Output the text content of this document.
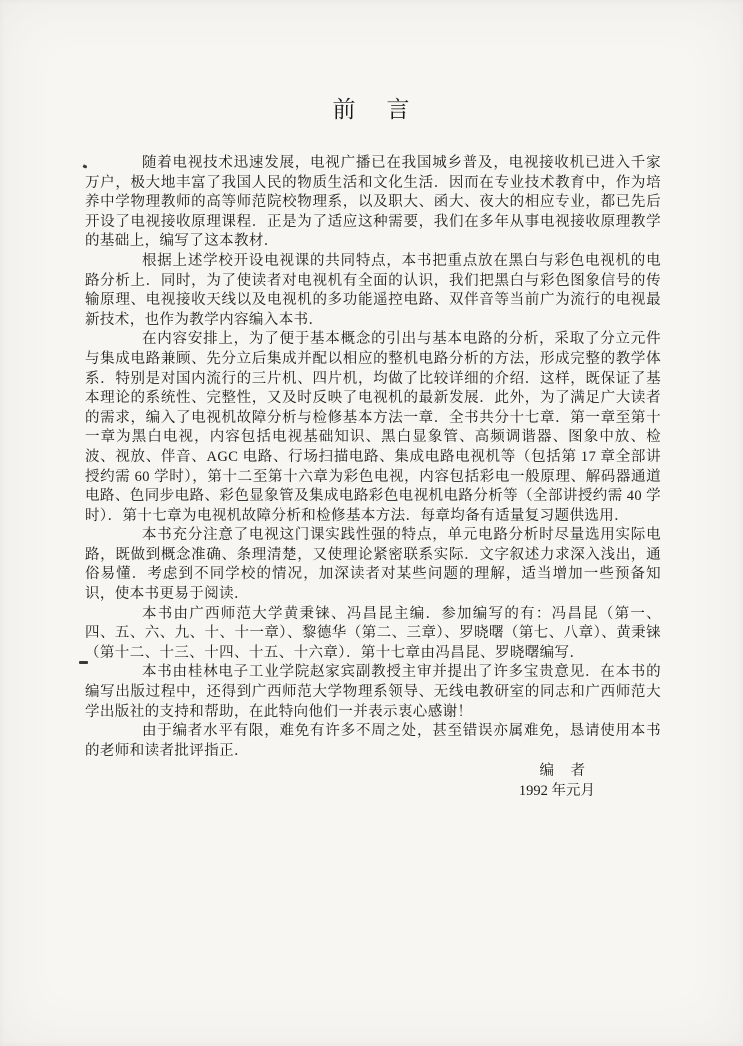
前　言

随着电视技术迅速发展，电视广播已在我国城乡普及，电视接收机已进入千家万户，极大地丰富了我国人民的物质生活和文化生活．因而在专业技术教育中，作为培养中学物理教师的高等师范院校物理系，以及职大、函大、夜大的相应专业，都已先后开设了电视接收原理课程．正是为了适应这种需要，我们在多年从事电视接收原理教学的基础上，编写了这本教材．

根据上述学校开设电视课的共同特点，本书把重点放在黑白与彩色电视机的电路分析上．同时，为了使读者对电视机有全面的认识，我们把黑白与彩色图象信号的传输原理、电视接收天线以及电视机的多功能遥控电路、双伴音等当前广为流行的电视最新技术，也作为教学内容编入本书．

在内容安排上，为了便于基本概念的引出与基本电路的分析，采取了分立元件与集成电路兼顾、先分立后集成并配以相应的整机电路分析的方法，形成完整的教学体系．特别是对国内流行的三片机、四片机，均做了比较详细的介绍．这样，既保证了基本理论的系统性、完整性，又及时反映了电视机的最新发展．此外，为了满足广大读者的需求，编入了电视机故障分析与检修基本方法一章．全书共分十七章．第一章至第十一章为黑白电视，内容包括电视基础知识、黑白显象管、高频调谐器、图象中放、检波、视放、伴音、AGC 电路、行场扫描电路、集成电路电视机等（包括第 17 章全部讲授约需 60 学时），第十二至第十六章为彩色电视，内容包括彩电一般原理、解码器通道电路、色同步电路、彩色显象管及集成电路彩色电视机电路分析等（全部讲授约需 40 学时）．第十七章为电视机故障分析和检修基本方法．每章均备有适量复习题供选用．

本书充分注意了电视这门课实践性强的特点，单元电路分析时尽量选用实际电路，既做到概念准确、条理清楚，又使理论紧密联系实际．文字叙述力求深入浅出，通俗易懂．考虑到不同学校的情况，加深读者对某些问题的理解，适当增加一些预备知识，使本书更易于阅读．

本书由广西师范大学黄秉铼、冯昌昆主编．参加编写的有：冯昌昆（第一、四、五、六、九、十、十一章）、黎德华（第二、三章）、罗晓曙（第七、八章）、黄秉铼（第十二、十三、十四、十五、十六章）．第十七章由冯昌昆、罗晓曙编写．

本书由桂林电子工业学院赵家宾副教授主审并提出了许多宝贵意见．在本书的编写出版过程中，还得到广西师范大学物理系领导、无线电教研室的同志和广西师范大学出版社的支持和帮助，在此特向他们一并表示衷心感谢！

由于编者水平有限，难免有许多不周之处，甚至错误亦属难免，恳请使用本书的老师和读者批评指正．

编　者

1992 年元月
